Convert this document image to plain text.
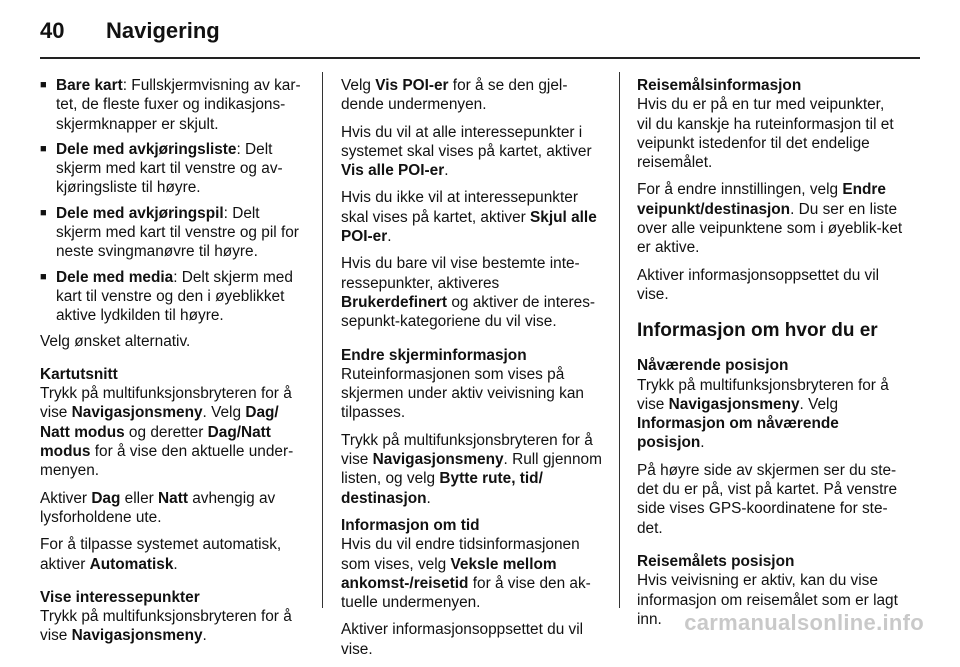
40 Navigering
■ Bare kart: Fullskjermvisning av kar-tet, de fleste fuxer og indikasjons-skjermknapper er skjult.
■ Dele med avkjøringsliste: Delt skjerm med kart til venstre og av-kjøringsliste til høyre.
■ Dele med avkjøringspil: Delt skjerm med kart til venstre og pil for neste svingmanøvre til høyre.
■ Dele med media: Delt skjerm med kart til venstre og den i øyeblikket aktive lydkilden til høyre.

Velg ønsket alternativ.

Kartutsnitt

Trykk på multifunksjonsbryteren for å vise Navigasjonsmeny. Velg Dag/ Natt modus og deretter Dag/Natt modus for å vise den aktuelle under-menyen.

Aktiver Dag eller Natt avhengig av lysforholdene ute.

For å tilpasse systemet automatisk, aktiver Automatisk.

Vise interessepunkter

Trykk på multifunksjonsbryteren for å vise Navigasjonsmeny.

Velg Vis POI-er for å se den gjel-dende undermenyen.

Hvis du vil at alle interessepunkter i systemet skal vises på kartet, aktiver Vis alle POI-er.

Hvis du ikke vil at interessepunkter skal vises på kartet, aktiver Skjul alle POI-er.

Hvis du bare vil vise bestemte inte-ressepunkter, aktiveres Brukerdefinert og aktiver de interes-sepunkt-kategoriene du vil vise.

Endre skjerminformasjon

Ruteinformasjonen som vises på skjermen under aktiv veivisning kan tilpasses.

Trykk på multifunksjonsbryteren for å vise Navigasjonsmeny. Rull gjennom listen, og velg Bytte rute, tid/ destinasjon.

Informasjon om tid

Hvis du vil endre tidsinformasjonen som vises, velg Veksle mellom ankomst-/reisetid for å vise den ak-tuelle undermenyen.

Aktiver informasjonsoppsettet du vil vise.

Reisemålsinformasjon

Hvis du er på en tur med veipunkter, vil du kanskje ha ruteinformasjon til et veipunkt istedenfor til det endelige reisemålet.

For å endre innstillingen, velg Endre veipunkt/destinasjon. Du ser en liste over alle veipunktene som i øyeblik-ket er aktive.

Aktiver informasjonsoppsettet du vil vise.

Informasjon om hvor du er
Nåværende posisjon

Trykk på multifunksjonsbryteren for å vise Navigasjonsmeny. Velg Informasjon om nåværende posisjon.

På høyre side av skjermen ser du ste-det du er på, vist på kartet. På venstre side vises GPS-koordinatene for ste-det.

Reisemålets posisjon

Hvis veivisning er aktiv, kan du vise informasjon om reisemålet som er lagt inn.	carmanualsonline.info
